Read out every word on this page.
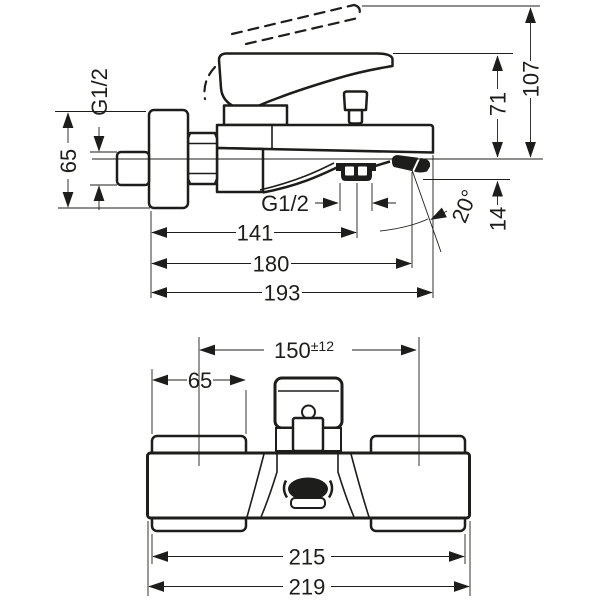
65
G1/2	71
107
14
G1/2
141
180
193
20°
$150^{\pm 12}$
65
215
219
